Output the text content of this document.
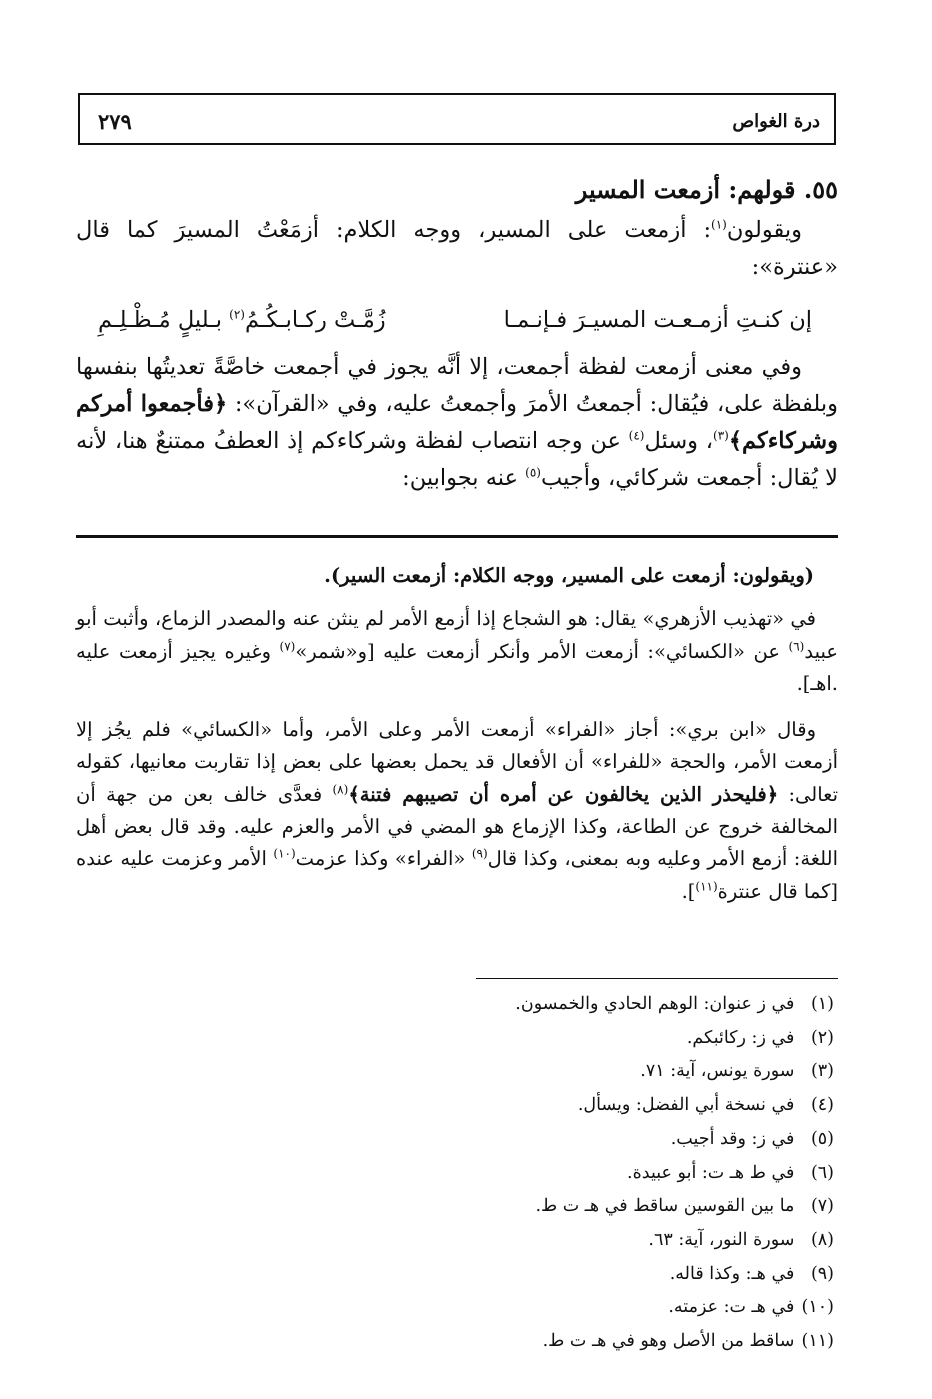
٢٧٩	درة الغواص
٥٥. قولهم: أزمعت المسير

ويقولون$^{(١)}$: أزمعت على المسير، ووجه الكلام: أزمَعْتُ المسيرَ كما قال «عنترة»:

إن كنـتِ أزمـعـت المسيـرَ فـإنـمـا
زُمَّـتْ ركـابـكُـمُ$^{(٢)}$ بـليلٍ مُـظْـلِـمِ

وفي معنى أزمعت لفظة أجمعت، إلا أنَّه يجوز في أجمعت خاصَّةً تعديتُها بنفسها وبلفظة على، فيُقال: أجمعتُ الأمرَ وأجمعتُ عليه، وفي «القرآن»: ﴿فأجمعوا أمركم وشركاءكم﴾$^{(٣)}$، وسئل$^{(٤)}$ عن وجه انتصاب لفظة وشركاءكم إذ العطفُ ممتنعٌ هنا، لأنه لا يُقال: أجمعت شركائي، وأجيب$^{(٥)}$ عنه بجوابين:

(ويقولون: أزمعت على المسير، ووجه الكلام: أزمعت السير).

في «تهذيب الأزهري» يقال: هو الشجاع إذا أزمع الأمر لم ينثن عنه والمصدر الزماع، وأثبت أبو عبيد$^{(٦)}$ عن «الكسائي»: أزمعت الأمر وأنكر أزمعت عليه [و«شمر»$^{(٧)}$ وغيره يجيز أزمعت عليه .اهـ].

وقال «ابن بري»: أجاز «الفراء» أزمعت الأمر وعلى الأمر، وأما «الكسائي» فلم يجُز إلا أزمعت الأمر، والحجة «للفراء» أن الأفعال قد يحمل بعضها على بعض إذا تقاربت معانيها، كقوله تعالى: ﴿فليحذر الذين يخالفون عن أمره أن تصيبهم فتنة﴾$^{(٨)}$ فعدَّى خالف بعن من جهة أن المخالفة خروج عن الطاعة، وكذا الإزماع هو المضي في الأمر والعزم عليه. وقد قال بعض أهل اللغة: أزمع الأمر وعليه وبه بمعنى، وكذا قال$^{(٩)}$ «الفراء» وكذا عزمت$^{(١٠)}$ الأمر وعزمت عليه عنده [كما قال عنترة$^{(١١)}$].

(١) في ز عنوان: الوهم الحادي والخمسون.
(٢) في ز: ركائبكم.
(٣) سورة يونس، آية: ٧١.
(٤) في نسخة أبي الفضل: ويسأل.
(٥) في ز: وقد أجيب.
(٦) في ط هـ ت: أبو عبيدة.
(٧) ما بين القوسين ساقط في هـ ت ط.
(٨) سورة النور، آية: ٦٣.
(٩) في هـ: وكذا قاله.
(١٠) في هـ ت: عزمته.
(١١) ساقط من الأصل وهو في هـ ت ط.
